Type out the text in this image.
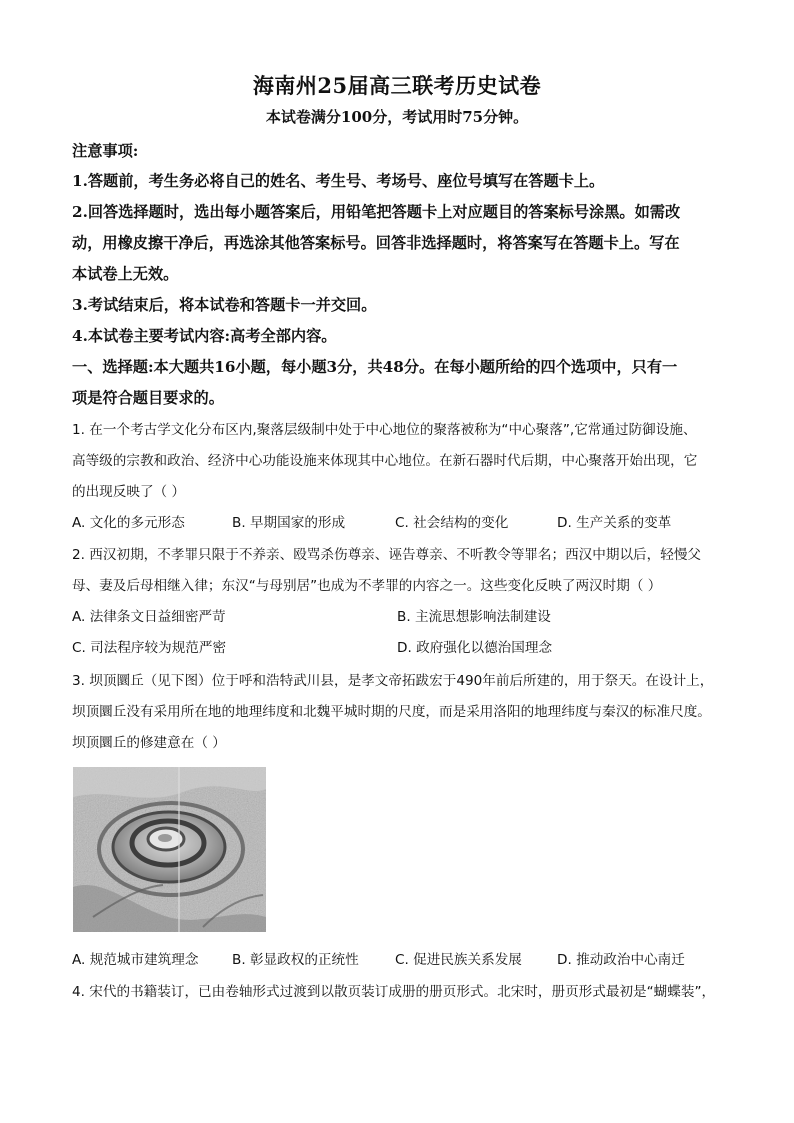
海南州25届高三联考历史试卷
本试卷满分100分，考试用时75分钟。
注意事项:
1.答题前，考生务必将自己的姓名、考生号、考场号、座位号填写在答题卡上。
2.回答选择题时，选出每小题答案后，用铅笔把答题卡上对应题目的答案标号涂黑。如需改
动，用橡皮擦干净后，再选涂其他答案标号。回答非选择题时，将答案写在答题卡上。写在
本试卷上无效。
3.考试结束后，将本试卷和答题卡一并交回。
4.本试卷主要考试内容:高考全部内容。
一、选择题:本大题共16小题，每小题3分，共48分。在每小题所给的四个选项中，只有一
项是符合题目要求的。
1. 在一个考古学文化分布区内,聚落层级制中处于中心地位的聚落被称为“中心聚落”,它常通过防御设施、
高等级的宗教和政治、经济中心功能设施来体现其中心地位。在新石器时代后期，中心聚落开始出现，它
的出现反映了（ ）
A. 文化的多元形态	B. 早期国家的形成	C. 社会结构的变化	D. 生产关系的变革
2. 西汉初期，不孝罪只限于不养亲、殴骂杀伤尊亲、诬告尊亲、不听教令等罪名；西汉中期以后，轻慢父
母、妻及后母相继入律；东汉“与母别居”也成为不孝罪的内容之一。这些变化反映了两汉时期（ ）
A. 法律条文日益细密严苛	B. 主流思想影响法制建设
C. 司法程序较为规范严密	D. 政府强化以德治国理念
3. 坝顶圜丘（见下图）位于呼和浩特武川县，是孝文帝拓跋宏于490年前后所建的，用于祭天。在设计上，
坝顶圜丘没有采用所在地的地理纬度和北魏平城时期的尺度，而是采用洛阳的地理纬度与秦汉的标准尺度。
坝顶圜丘的修建意在（ ）
A. 规范城市建筑理念 B. 彰显政权的正统性	C. 促进民族关系发展	D. 推动政治中心南迁
4. 宋代的书籍装订，已由卷轴形式过渡到以散页装订成册的册页形式。北宋时，册页形式最初是“蝴蝶装”，
